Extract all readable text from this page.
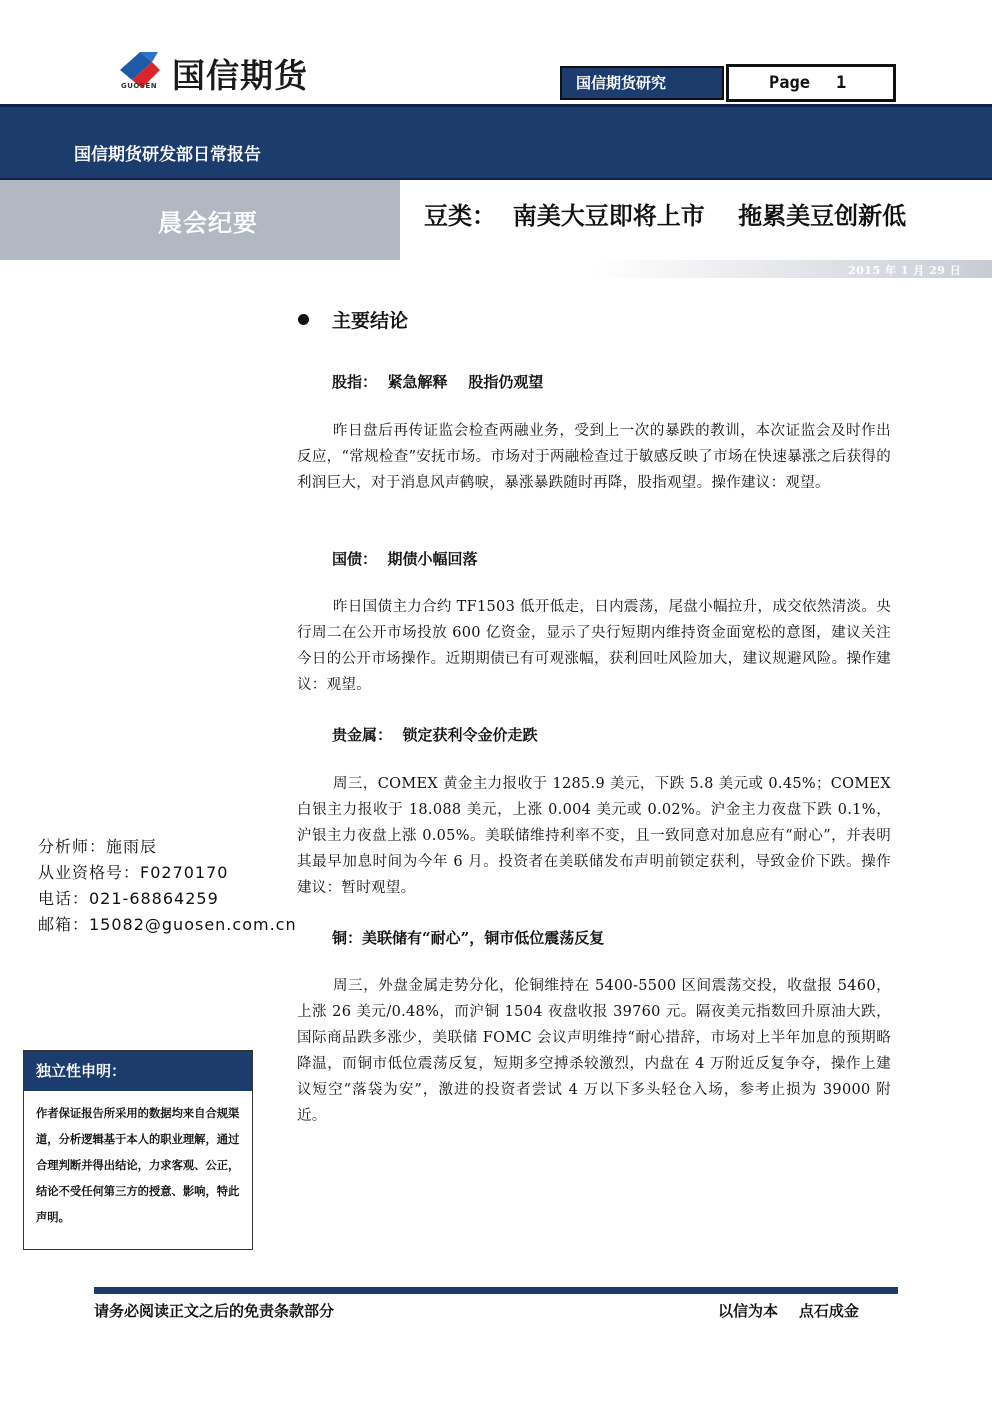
国信期货
GUOSEN	国信期货研究	Page 1
国信期货研发部日常报告
晨会纪要	豆类：  南美大豆即将上市    拖累美豆创新低
2015 年 1 月 29 日
主要结论
股指：  紧急解释    股指仍观望
昨日盘后再传证监会检查两融业务，受到上一次的暴跌的教训，本次证监会及时作出反应，“常规检查”安抚市场。市场对于两融检查过于敏感反映了市场在快速暴涨之后获得的利润巨大，对于消息风声鹤唳，暴涨暴跌随时再降，股指观望。操作建议：观望。
国债：  期债小幅回落
昨日国债主力合约 TF1503 低开低走，日内震荡，尾盘小幅拉升，成交依然清淡。央行周二在公开市场投放 600 亿资金，显示了央行短期内维持资金面宽松的意图，建议关注今日的公开市场操作。近期期债已有可观涨幅，获利回吐风险加大，建议规避风险。操作建议：观望。
贵金属：  锁定获利令金价走跌
周三，COMEX 黄金主力报收于 1285.9 美元，下跌 5.8 美元或 0.45%；COMEX 白银主力报收于 18.088 美元，上涨 0.004 美元或 0.02%。沪金主力夜盘下跌 0.1%，沪银主力夜盘上涨 0.05%。美联储维持利率不变，且一致同意对加息应有“耐心”，并表明其最早加息时间为今年 6 月。投资者在美联储发布声明前锁定获利，导致金价下跌。操作建议：暂时观望。
铜：美联储有“耐心”，铜市低位震荡反复
周三，外盘金属走势分化，伦铜维持在 5400-5500 区间震荡交投，收盘报 5460，上涨 26 美元/0.48%，而沪铜 1504 夜盘收报 39760 元。隔夜美元指数回升原油大跌，国际商品跌多涨少，美联储 FOMC 会议声明维持“耐心措辞，市场对上半年加息的预期略降温，而铜市低位震荡反复，短期多空搏杀较激烈，内盘在 4 万附近反复争夺，操作上建议短空“落袋为安”，激进的投资者尝试 4 万以下多头轻仓入场，参考止损为 39000 附近。
分析师：施雨辰
从业资格号：F0270170
电话：021-68864259
邮箱：15082@guosen.com.cn
独立性申明：
作者保证报告所采用的数据均来自合规渠道，分析逻辑基于本人的职业理解，通过合理判断并得出结论，力求客观、公正，结论不受任何第三方的授意、影响，特此声明。
请务必阅读正文之后的免责条款部分	以信为本    点石成金
